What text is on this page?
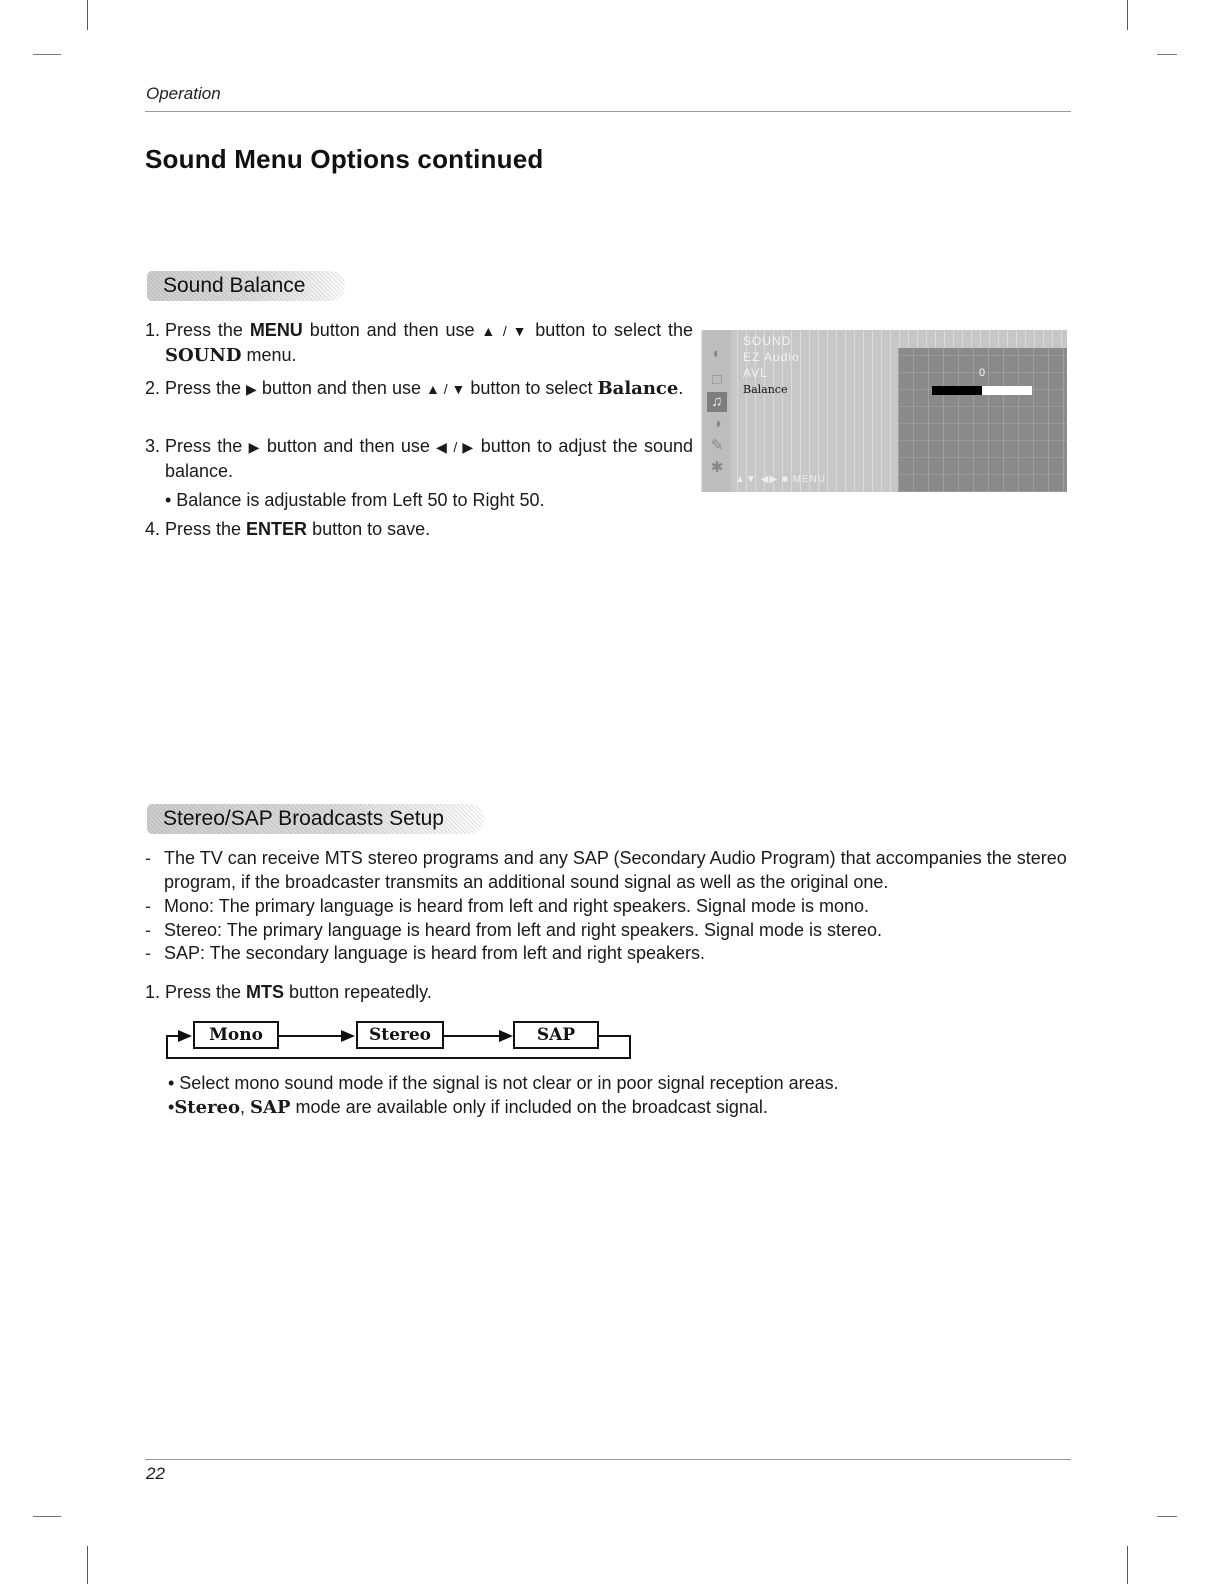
Operation
Sound Menu Options continued
Sound Balance
1. Press the MENU button and then use ▲ / ▼ button to select the SOUND menu.
2. Press the ▶ button and then use ▲ / ▼ button to select Balance.
3. Press the ▶ button and then use ◀ / ▶ button to adjust the sound balance.
• Balance is adjustable from Left 50 to Right 50.
4. Press the ENTER button to save.
◐
□
♫
◑
✎
✱
SOUND
EZ Audio
AVL
Balance
0
▲▼ ◀▶ ■ MENU
Stereo/SAP Broadcasts Setup
- The TV can receive MTS stereo programs and any SAP (Secondary Audio Program) that accompanies the stereo program, if the broadcaster transmits an additional sound signal as well as the original one.
- Mono: The primary language is heard from left and right speakers. Signal mode is mono.
- Stereo: The primary language is heard from left and right speakers. Signal mode is stereo.
- SAP: The secondary language is heard from left and right speakers.
1. Press the MTS button repeatedly.
Mono	Stereo	SAP
• Select mono sound mode if the signal is not clear or in poor signal reception areas.
•Stereo, SAP mode are available only if included on the broadcast signal.
22
